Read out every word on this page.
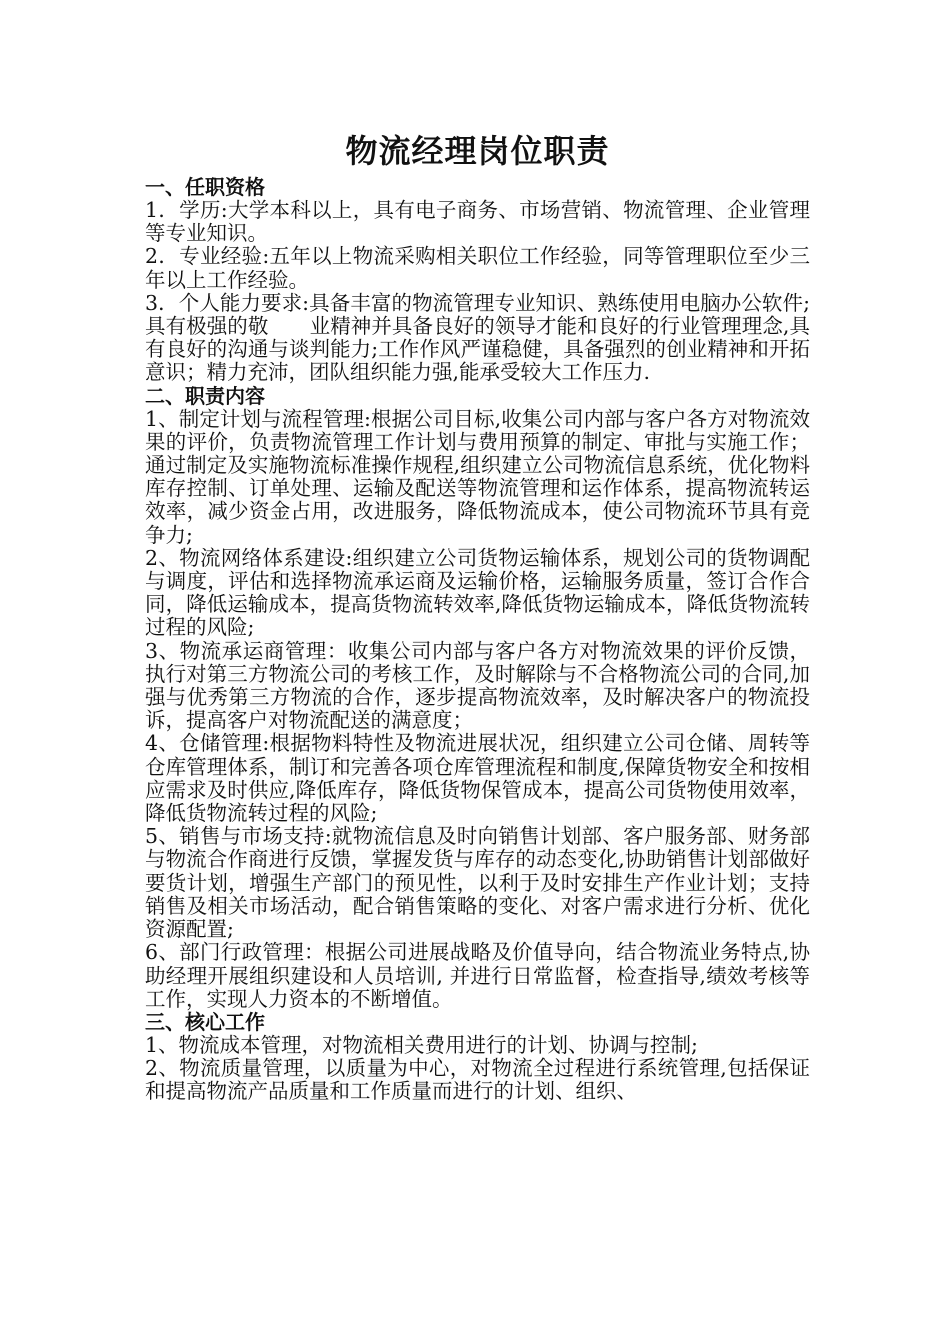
物流经理岗位职责
一、任职资格

1．学历:大学本科以上，具有电子商务、市场营销、物流管理、企业管理等专业知识。

2．专业经验:五年以上物流采购相关职位工作经验，同等管理职位至少三年以上工作经验。

3．个人能力要求:具备丰富的物流管理专业知识、熟练使用电脑办公软件;具有极强的敬　　业精神并具备良好的领导才能和良好的行业管理理念,具有良好的沟通与谈判能力;工作作风严谨稳健，具备强烈的创业精神和开拓意识；精力充沛，团队组织能力强,能承受较大工作压力.

二、职责内容

1、制定计划与流程管理:根据公司目标,收集公司内部与客户各方对物流效果的评价，负责物流管理工作计划与费用预算的制定、审批与实施工作；通过制定及实施物流标准操作规程,组织建立公司物流信息系统，优化物料库存控制、订单处理、运输及配送等物流管理和运作体系，提高物流转运效率，减少资金占用，改进服务，降低物流成本，使公司物流环节具有竞争力;

2、物流网络体系建设:组织建立公司货物运输体系，规划公司的货物调配与调度，评估和选择物流承运商及运输价格，运输服务质量，签订合作合同，降低运输成本，提高货物流转效率,降低货物运输成本，降低货物流转过程的风险;

3、物流承运商管理：收集公司内部与客户各方对物流效果的评价反馈，执行对第三方物流公司的考核工作，及时解除与不合格物流公司的合同,加强与优秀第三方物流的合作，逐步提高物流效率，及时解决客户的物流投诉，提高客户对物流配送的满意度；

4、仓储管理:根据物料特性及物流进展状况，组织建立公司仓储、周转等仓库管理体系，制订和完善各项仓库管理流程和制度,保障货物安全和按相应需求及时供应,降低库存，降低货物保管成本，提高公司货物使用效率，降低货物流转过程的风险;

5、销售与市场支持:就物流信息及时向销售计划部、客户服务部、财务部与物流合作商进行反馈，掌握发货与库存的动态变化,协助销售计划部做好要货计划，增强生产部门的预见性，以利于及时安排生产作业计划；支持销售及相关市场活动，配合销售策略的变化、对客户需求进行分析、优化资源配置;

6、部门行政管理：根据公司进展战略及价值导向，结合物流业务特点,协助经理开展组织建设和人员培训, 并进行日常监督，检查指导,绩效考核等工作，实现人力资本的不断增值。

三、核心工作

1、物流成本管理，对物流相关费用进行的计划、协调与控制;

2、物流质量管理，以质量为中心，对物流全过程进行系统管理,包括保证和提高物流产品质量和工作质量而进行的计划、组织、
